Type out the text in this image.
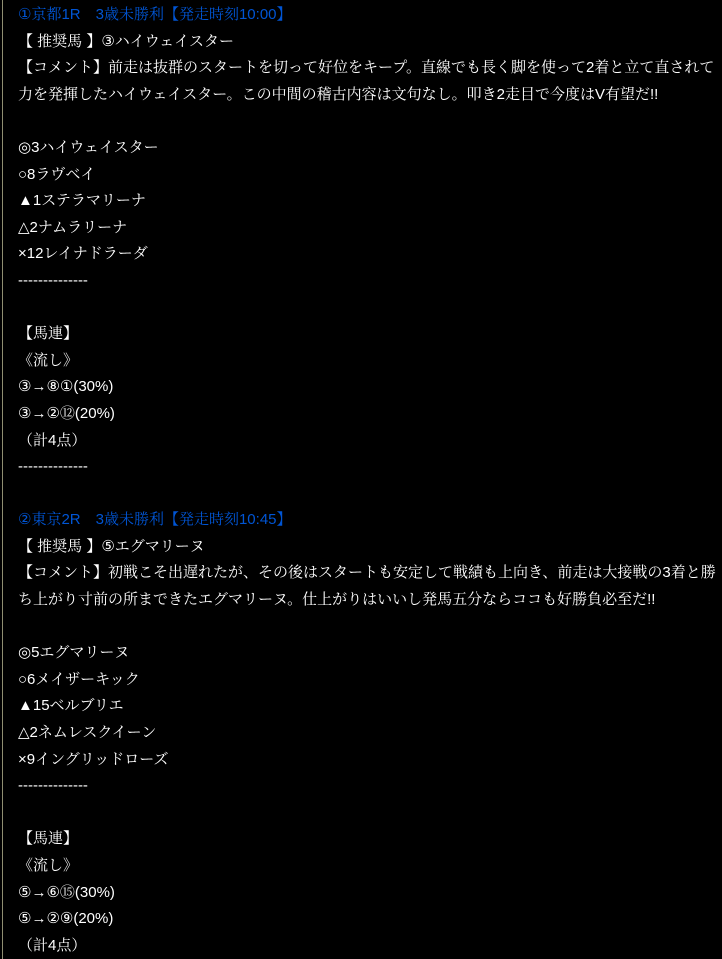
①京都1R　3歳未勝利【発走時刻10:00】
【 推奨馬 】③ハイウェイスター
【コメント】前走は抜群のスタートを切って好位をキープ。直線でも長く脚を使って2着と立て直されて
力を発揮したハイウェイスター。この中間の稽古内容は文句なし。叩き2走目で今度はV有望だ!!
◎3ハイウェイスター
○8ラヴベイ
▲1ステラマリーナ
△2ナムラリーナ
×12レイナドラーダ
--------------
【馬連】
《流し》
③→⑧①(30%)
③→②⑫(20%)
（計4点）
--------------
②東京2R　3歳未勝利【発走時刻10:45】
【 推奨馬 】⑤エグマリーヌ
【コメント】初戦こそ出遅れたが、その後はスタートも安定して戦績も上向き、前走は大接戦の3着と勝
ち上がり寸前の所まできたエグマリーヌ。仕上がりはいいし発馬五分ならココも好勝負必至だ!!
◎5エグマリーヌ
○6メイザーキック
▲15ベルブリエ
△2ネムレスクイーン
×9イングリッドローズ
--------------
【馬連】
《流し》
⑤→⑥⑮(30%)
⑤→②⑨(20%)
（計4点）
